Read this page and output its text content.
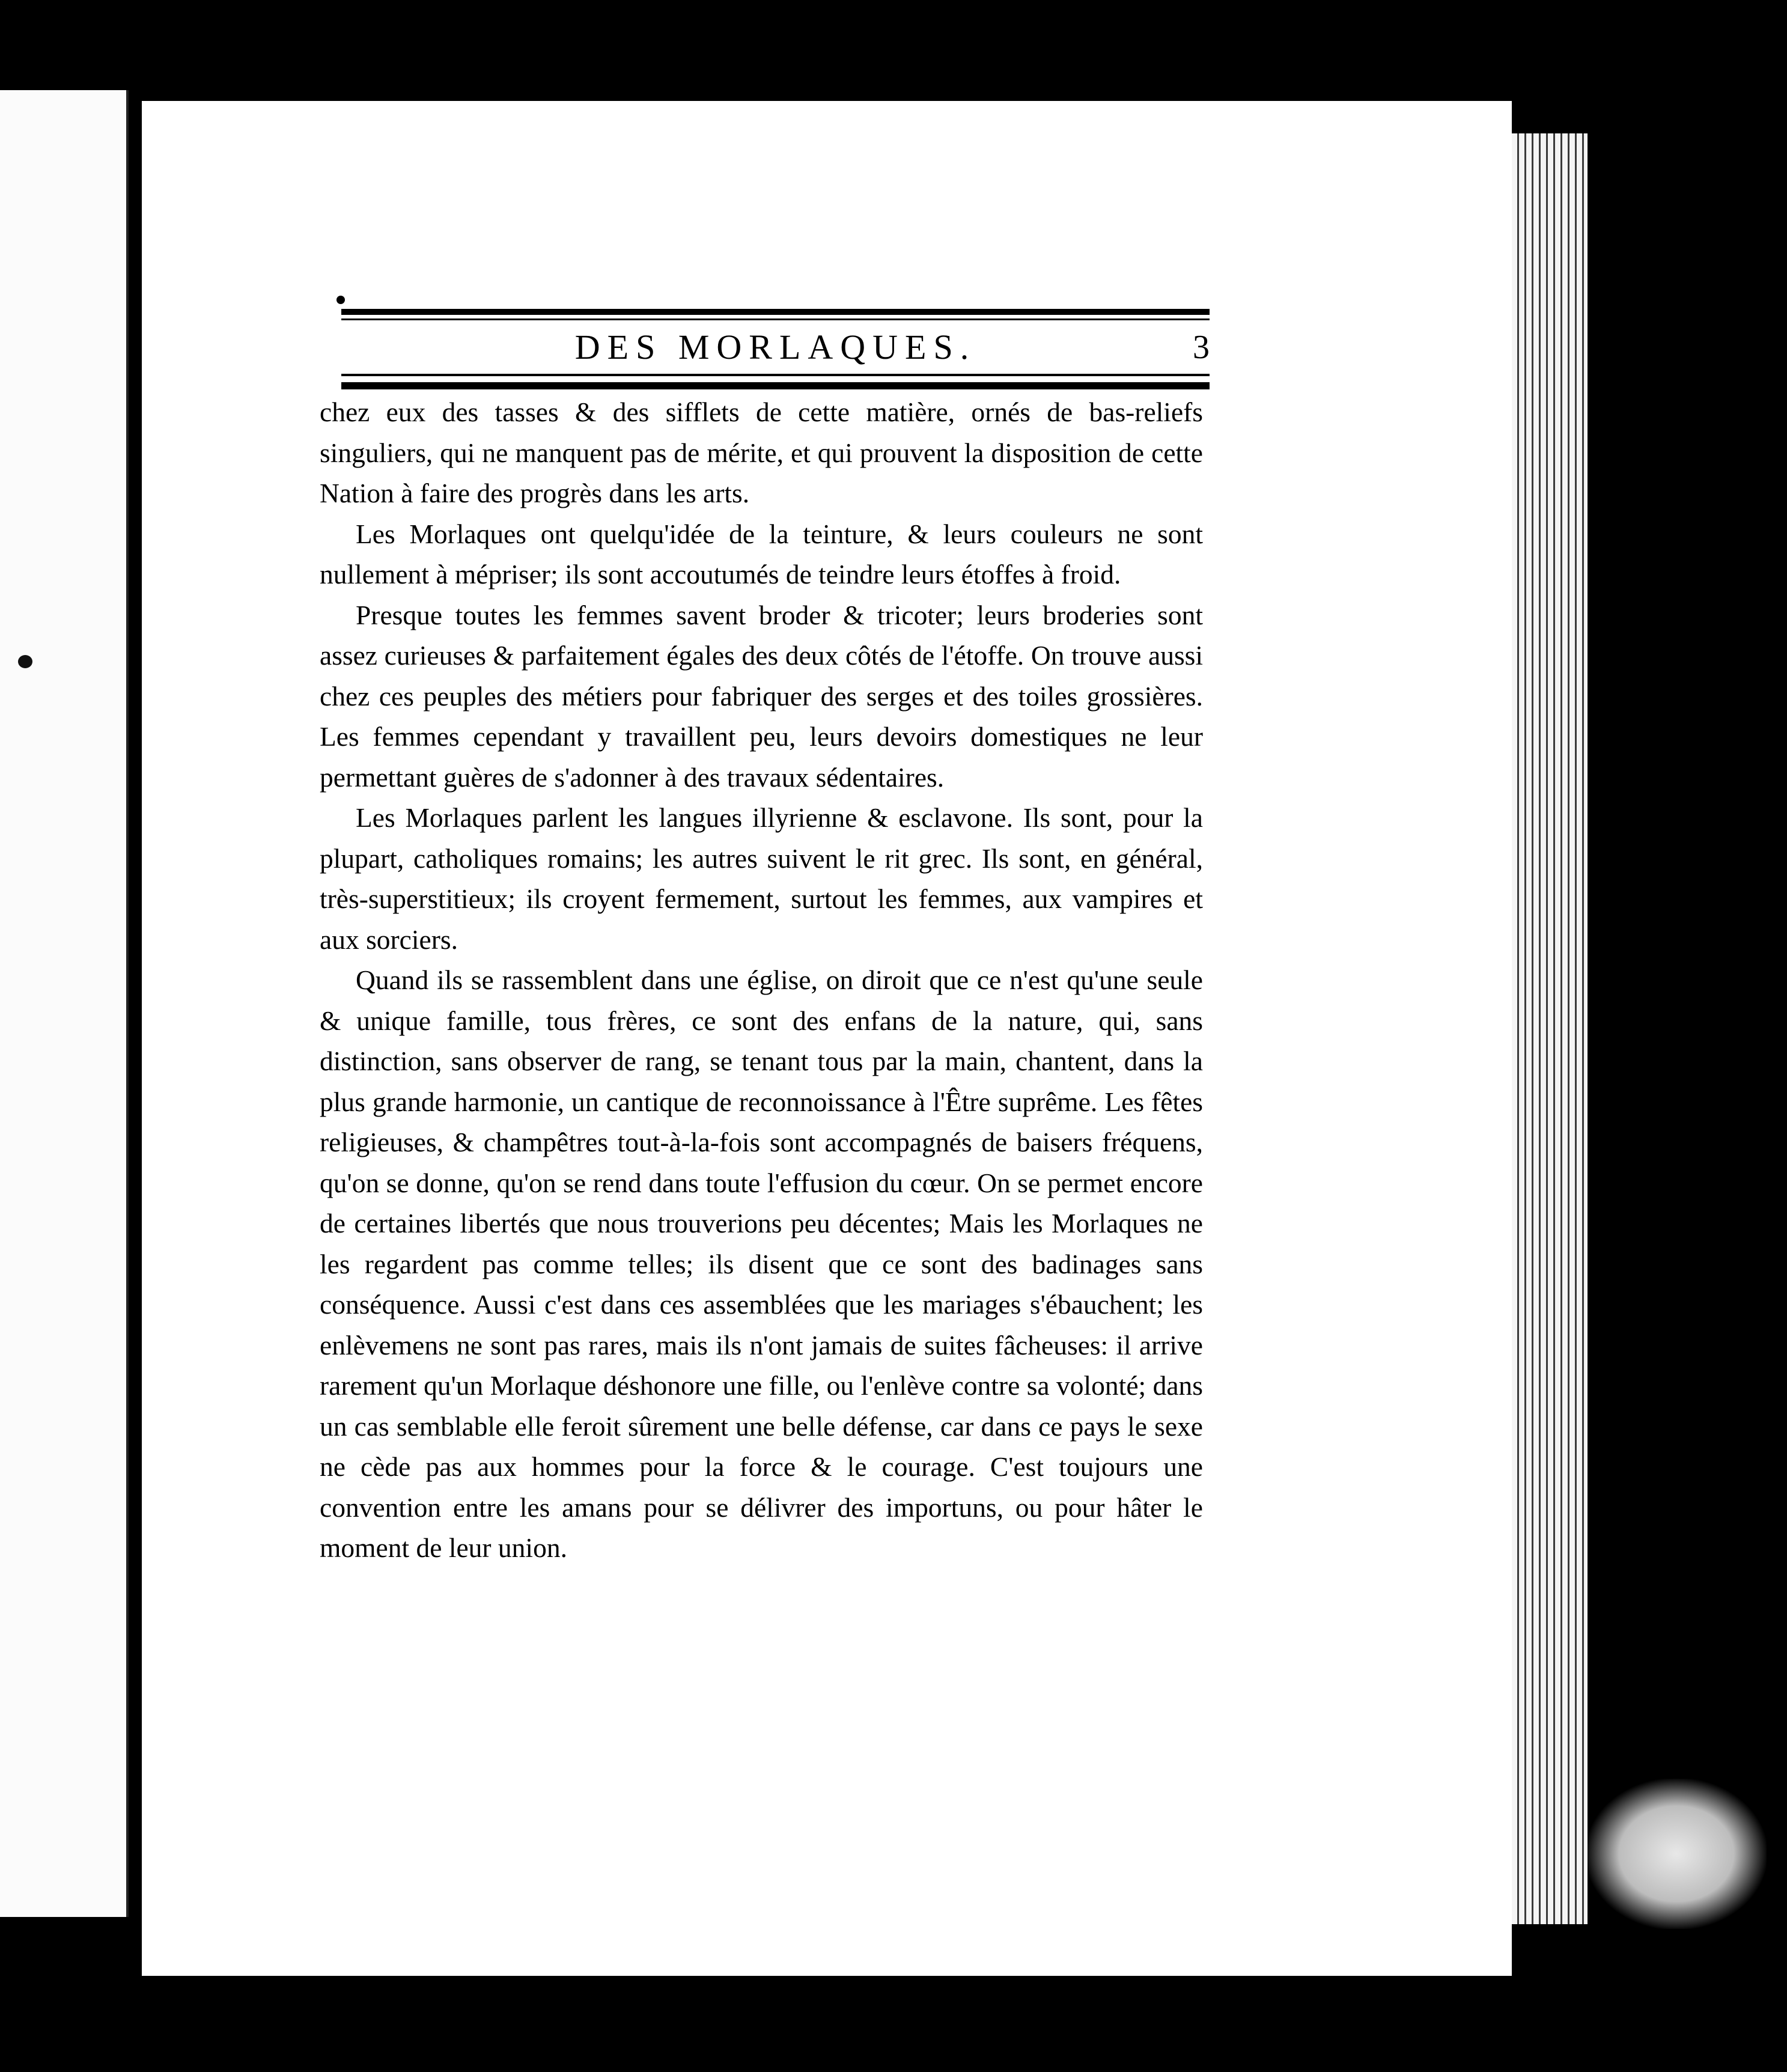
DES MORLAQUES.	3

chez eux des tasses & des sifflets de cette matière, ornés de bas-reliefs singuliers, qui ne manquent pas de mérite, et qui prouvent la disposition de cette Nation à faire des progrès dans les arts.

Les Morlaques ont quelqu'idée de la teinture, & leurs couleurs ne sont nullement à mépriser; ils sont accoutumés de teindre leurs étoffes à froid.

Presque toutes les femmes savent broder & tricoter; leurs broderies sont assez curieuses & parfaitement égales des deux côtés de l'étoffe. On trouve aussi chez ces peuples des métiers pour fabriquer des serges et des toiles grossières. Les femmes cependant y travaillent peu, leurs devoirs domestiques ne leur permettant guères de s'adonner à des travaux sédentaires.

Les Morlaques parlent les langues illyrienne & esclavone. Ils sont, pour la plupart, catholiques romains; les autres suivent le rit grec. Ils sont, en général, très-superstitieux; ils croyent fermement, surtout les femmes, aux vampires et aux sorciers.

Quand ils se rassemblent dans une église, on diroit que ce n'est qu'une seule & unique famille, tous frères, ce sont des enfans de la nature, qui, sans distinction, sans observer de rang, se tenant tous par la main, chantent, dans la plus grande harmonie, un cantique de reconnoissance à l'Être suprême. Les fêtes religieuses, & champêtres tout-à-la-fois sont accompagnés de baisers fréquens, qu'on se donne, qu'on se rend dans toute l'effusion du cœur. On se permet encore de certaines libertés que nous trouverions peu décentes; Mais les Morlaques ne les regardent pas comme telles; ils disent que ce sont des badinages sans conséquence. Aussi c'est dans ces assemblées que les mariages s'ébauchent; les enlèvemens ne sont pas rares, mais ils n'ont jamais de suites fâcheuses: il arrive rarement qu'un Morlaque déshonore une fille, ou l'enlève contre sa volonté; dans un cas semblable elle feroit sûrement une belle défense, car dans ce pays le sexe ne cède pas aux hommes pour la force & le courage. C'est toujours une convention entre les amans pour se délivrer des importuns, ou pour hâter le moment de leur union.
